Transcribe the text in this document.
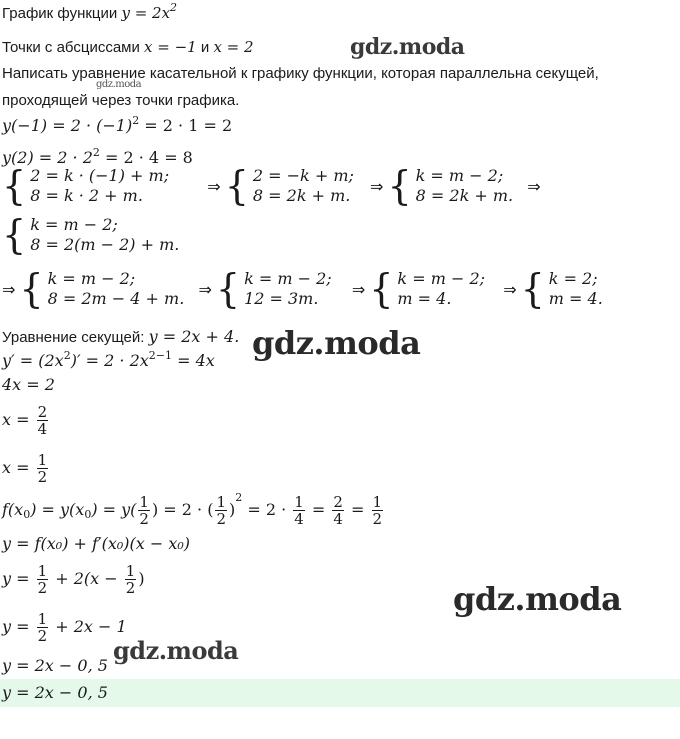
График функции $y = 2x^2$
Точки с абсциссами x = −1 и x = 2
Написать уравнение касательной к графику функции, которая параллельна секущей,
проходящей через точки графика.
$y(-1) = 2 \cdot (-1)^2 = 2 \cdot 1 = 2$
$y(2) = 2 \cdot 2^2 = 2 \cdot 4 = 8$
{ 2 = k · (−1) + m;
8 = k · 2 + m.	⇒ { 2 = −k + m;
8 = 2k + m. ⇒ { k = m − 2;
8 = 2k + m. ⇒
{ k = m − 2;
8 = 2(m − 2) + m.
⇒ { k = m − 2;
8 = 2m − 4 + m. ⇒ { k = m − 2;
12 = 3m.	⇒ { k = m − 2;
m = 4.	⇒ { k = 2;
m = 4.
Уравнение секущей: y = 2x + 4.
$y' = (2x^2)' = 2 \cdot 2x^{2-1} = 4x$
4x = 2
$x = \frac{2}{4}$
$x = \frac{1}{2}$
$f(x_0) = y(x_0) = y( \frac{1}{2}$ ) = 2 · ( $\frac{1}{2} )^2 = 2 \cdot \frac{1}{4} = \frac{2}{4} = \frac{1}{2}$
y = f(x₀) + f′(x₀)(x − x₀)
$y = \frac{1}{2} + 2(x - \frac{1}{2}$ )
$y = \frac{1}{2} + 2x - 1$
y = 2x − 0, 5
y = 2x − 0, 5
gdz.moda
gdz.moda
gdz.moda
gdz.moda
gdz.moda
